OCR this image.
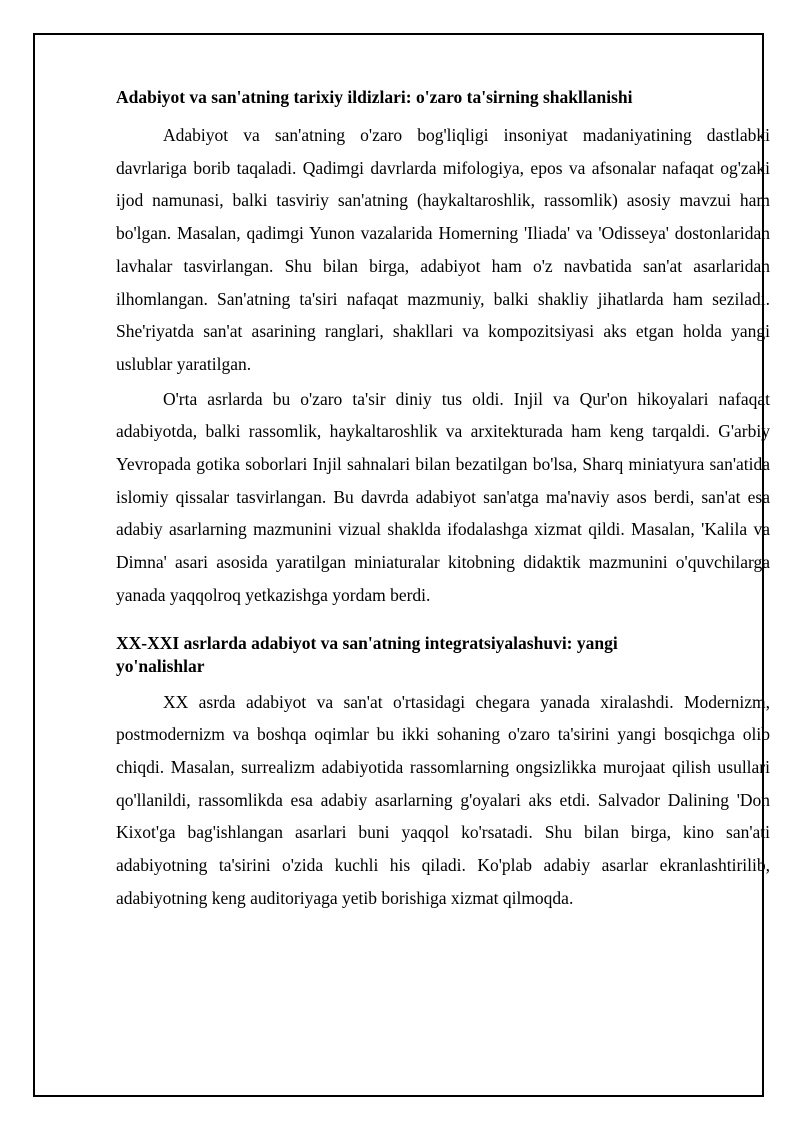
Adabiyot va san'atning tarixiy ildizlari: o'zaro ta'sirning shakllanishi

Adabiyot va san'atning o'zaro bog'liqligi insoniyat madaniyatining dastlabki davrlariga borib taqaladi. Qadimgi davrlarda mifologiya, epos va afsonalar nafaqat og'zaki ijod namunasi, balki tasviriy san'atning (haykaltaroshlik, rassomlik) asosiy mavzui ham bo'lgan. Masalan, qadimgi Yunon vazalarida Homerning 'Iliada' va 'Odisseya' dostonlaridan lavhalar tasvirlangan. Shu bilan birga, adabiyot ham o'z navbatida san'at asarlaridan ilhomlangan. San'atning ta'siri nafaqat mazmuniy, balki shakliy jihatlarda ham seziladi. She'riyatda san'at asarining ranglari, shakllari va kompozitsiyasi aks etgan holda yangi uslublar yaratilgan.

O'rta asrlarda bu o'zaro ta'sir diniy tus oldi. Injil va Qur'on hikoyalari nafaqat adabiyotda, balki rassomlik, haykaltaroshlik va arxitekturada ham keng tarqaldi. G'arbiy Yevropada gotika soborlari Injil sahnalari bilan bezatilgan bo'lsa, Sharq miniatyura san'atida islomiy qissalar tasvirlangan. Bu davrda adabiyot san'atga ma'naviy asos berdi, san'at esa adabiy asarlarning mazmunini vizual shaklda ifodalashga xizmat qildi. Masalan, 'Kalila va Dimna' asari asosida yaratilgan miniaturalar kitobning didaktik mazmunini o'quvchilarga yanada yaqqolroq yetkazishga yordam berdi.

XX-XXI asrlarda adabiyot va san'atning integratsiyalashuvi: yangi yo'nalishlar

XX asrda adabiyot va san'at o'rtasidagi chegara yanada xiralashdi. Modernizm, postmodernizm va boshqa oqimlar bu ikki sohaning o'zaro ta'sirini yangi bosqichga olib chiqdi. Masalan, surrealizm adabiyotida rassomlarning ongsizlikka murojaat qilish usullari qo'llanildi, rassomlikda esa adabiy asarlarning g'oyalari aks etdi. Salvador Dalining 'Don Kixot'ga bag'ishlangan asarlari buni yaqqol ko'rsatadi. Shu bilan birga, kino san'ati adabiyotning ta'sirini o'zida kuchli his qiladi. Ko'plab adabiy asarlar ekranlashtirilib, adabiyotning keng auditoriyaga yetib borishiga xizmat qilmoqda.
